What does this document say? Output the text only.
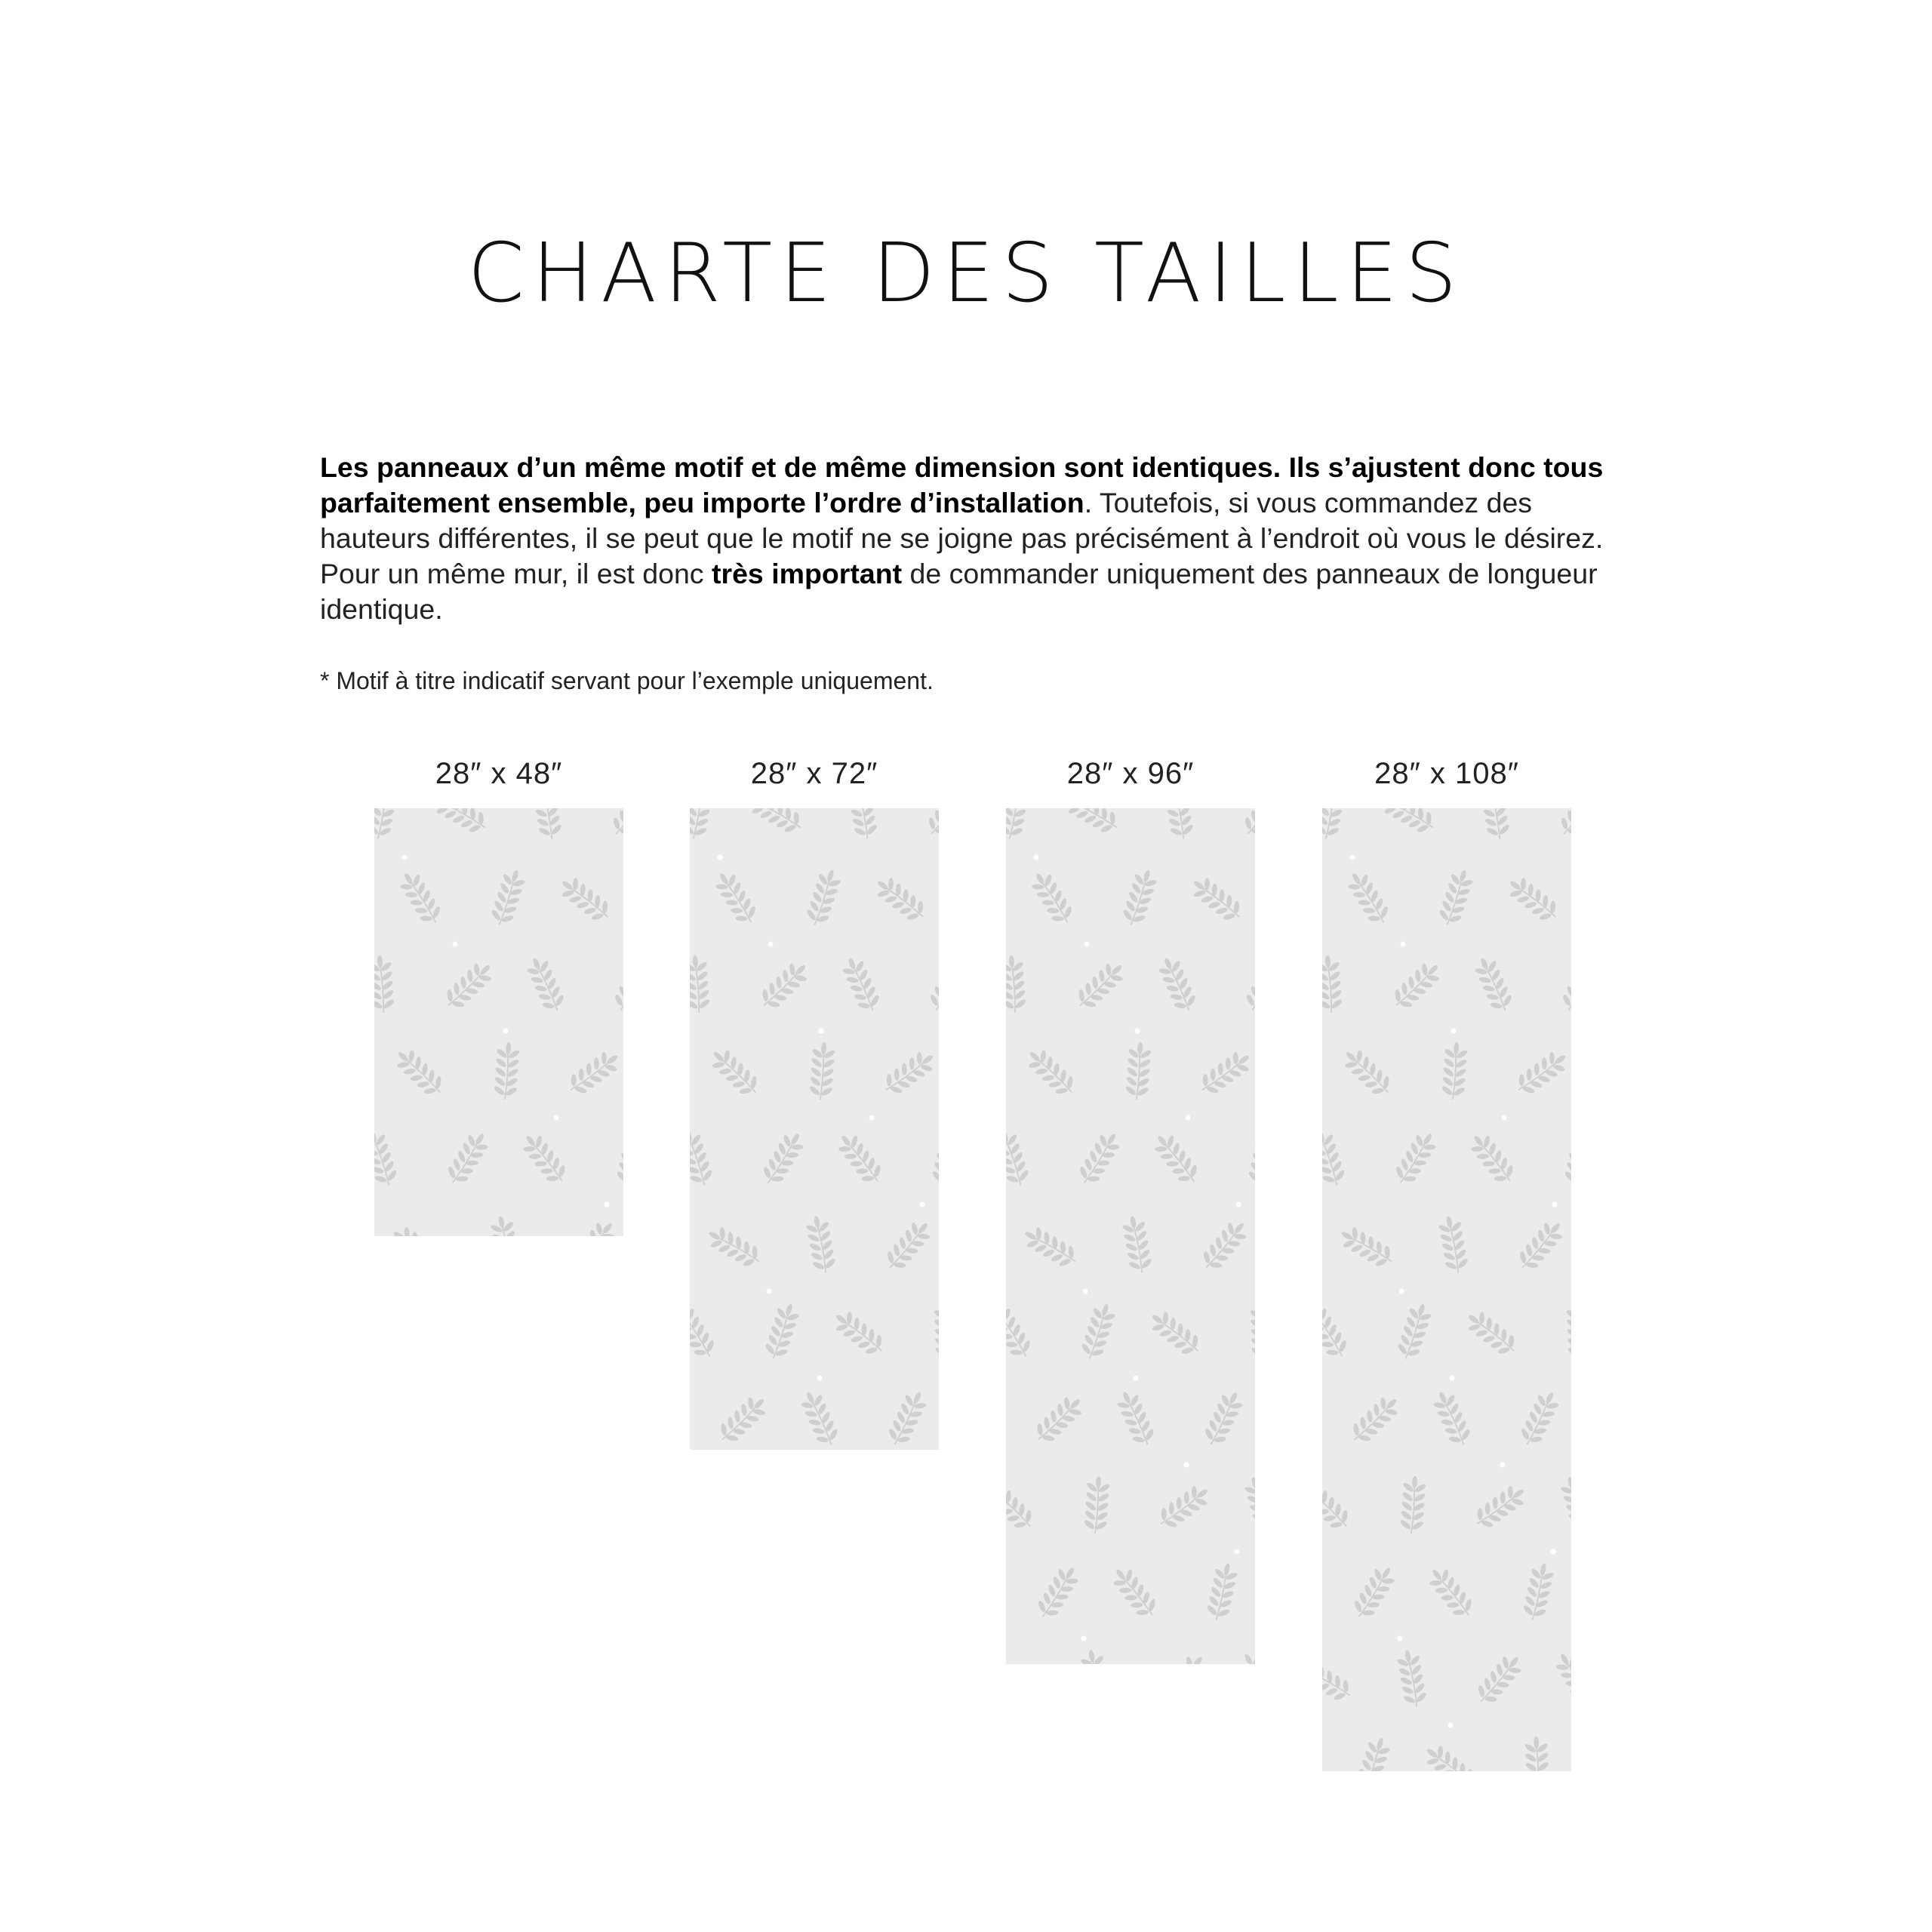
CHARTE DES TAILLES

Les panneaux d’un même motif et de même dimension sont identiques. Ils s’ajustent donc tous parfaitement ensemble, peu importe l’ordre d’installation. Toutefois, si vous commandez des hauteurs différentes, il se peut que le motif ne se joigne pas précisément à l’endroit où vous le désirez. Pour un même mur, il est donc très important de commander uniquement des panneaux de longueur identique.

* Motif à titre indicatif servant pour l’exemple uniquement.

28″ x 48″	28″ x 72″	28″ x 96″	28″ x 108″
